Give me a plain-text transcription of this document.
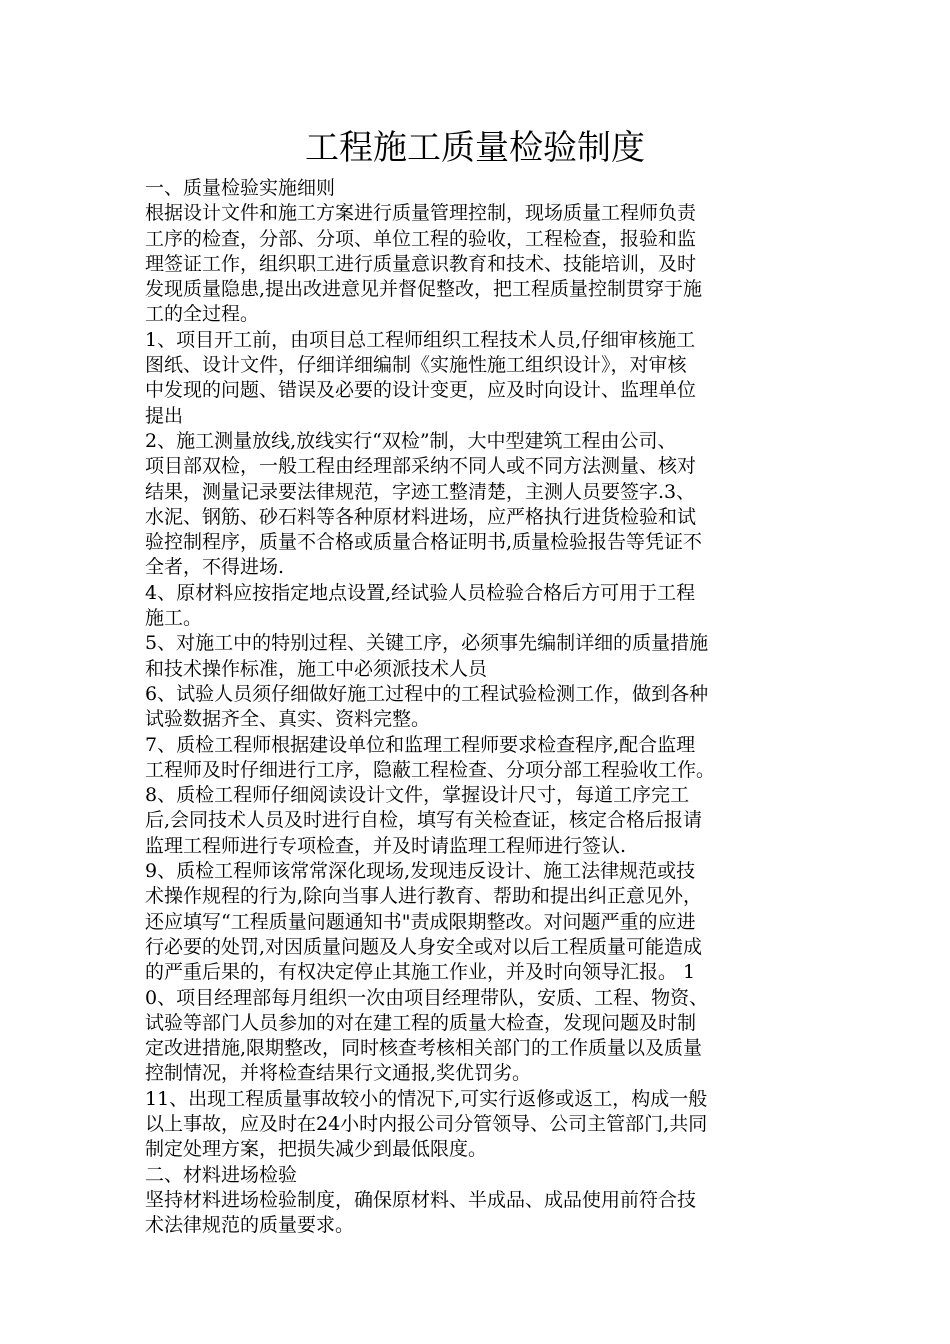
工程施工质量检验制度
一、质量检验实施细则
根据设计文件和施工方案进行质量管理控制，现场质量工程师负责
工序的检查，分部、分项、单位工程的验收，工程检查，报验和监
理签证工作，组织职工进行质量意识教育和技术、技能培训，及时
发现质量隐患,提出改进意见并督促整改，把工程质量控制贯穿于施
工的全过程。
1、项目开工前，由项目总工程师组织工程技术人员,仔细审核施工
图纸、设计文件，仔细详细编制《实施性施工组织设计》，对审核
中发现的问题、错误及必要的设计变更，应及时向设计、监理单位
提出
2、施工测量放线,放线实行“双检”制，大中型建筑工程由公司、
项目部双检，一般工程由经理部采纳不同人或不同方法测量、核对
结果，测量记录要法律规范，字迹工整清楚，主测人员要签字.3、
水泥、钢筋、砂石料等各种原材料进场，应严格执行进货检验和试
验控制程序，质量不合格或质量合格证明书,质量检验报告等凭证不
全者，不得进场.
4、原材料应按指定地点设置,经试验人员检验合格后方可用于工程
施工。
5、对施工中的特别过程、关键工序，必须事先编制详细的质量措施
和技术操作标准，施工中必须派技术人员
6、试验人员须仔细做好施工过程中的工程试验检测工作，做到各种
试验数据齐全、真实、资料完整。
7、质检工程师根据建设单位和监理工程师要求检查程序,配合监理
工程师及时仔细进行工序，隐蔽工程检查、分项分部工程验收工作。
8、质检工程师仔细阅读设计文件，掌握设计尺寸，每道工序完工
后,会同技术人员及时进行自检，填写有关检查证，核定合格后报请
监理工程师进行专项检查，并及时请监理工程师进行签认.
9、质检工程师该常常深化现场,发现违反设计、施工法律规范或技
术操作规程的行为,除向当事人进行教育、帮助和提出纠正意见外，
还应填写“工程质量问题通知书"责成限期整改。对问题严重的应进
行必要的处罚,对因质量问题及人身安全或对以后工程质量可能造成
的严重后果的，有权决定停止其施工作业，并及时向领导汇报。 1
0、项目经理部每月组织一次由项目经理带队，安质、工程、物资、
试验等部门人员参加的对在建工程的质量大检查，发现问题及时制
定改进措施,限期整改，同时核查考核相关部门的工作质量以及质量
控制情况，并将检查结果行文通报,奖优罚劣。
11、出现工程质量事故较小的情况下,可实行返修或返工，构成一般
以上事故，应及时在24小时内报公司分管领导、公司主管部门,共同
制定处理方案，把损失减少到最低限度。
二、材料进场检验
坚持材料进场检验制度，确保原材料、半成品、成品使用前符合技
术法律规范的质量要求。
